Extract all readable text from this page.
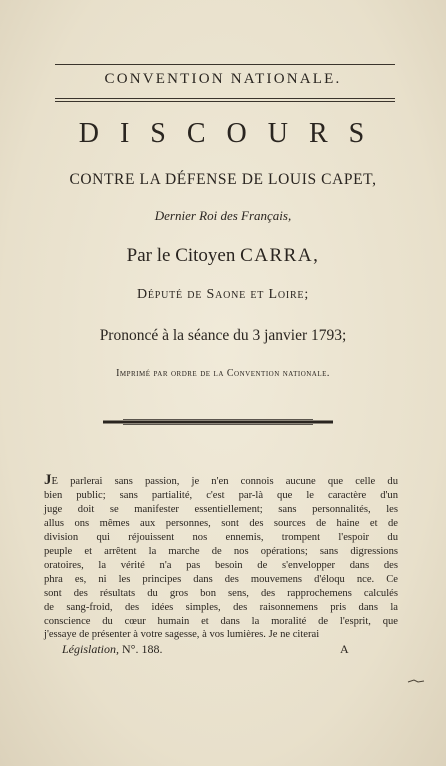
CONVENTION NATIONALE.
DISCOURS
CONTRE LA DÉFENSE DE LOUIS CAPET,
Dernier Roi des Français,
Par le Citoyen CARRA,
Député de Saone et Loire;
Prononcé à la séance du 3 janvier 1793;
Imprimé par ordre de la Convention nationale.
JE parlerai sans passion, je n'en connois aucune que celle du
bien public; sans partialité, c'est par-là que le caractère d'un
juge doit se manifester essentiellement; sans personnalités, les
allus ons mêmes aux personnes, sont des sources de haine et de
division qui réjouissent nos ennemis, trompent l'espoir du
peuple et arrêtent la marche de nos opérations; sans digressions
oratoires, la vérité n'a pas besoin de s'envelopper dans des
phra es, ni les principes dans des mouvemens d'éloqu nce. Ce
sont des résultats du gros bon sens, des rapprochemens calculés
de sang-froid, des idées simples, des raisonnemens pris dans la
conscience du cœur humain et dans la moralité de l'esprit, que
j'essaye de présenter à votre sagesse, à vos lumières. Je ne citerai
Législation, N°. 188.	A
